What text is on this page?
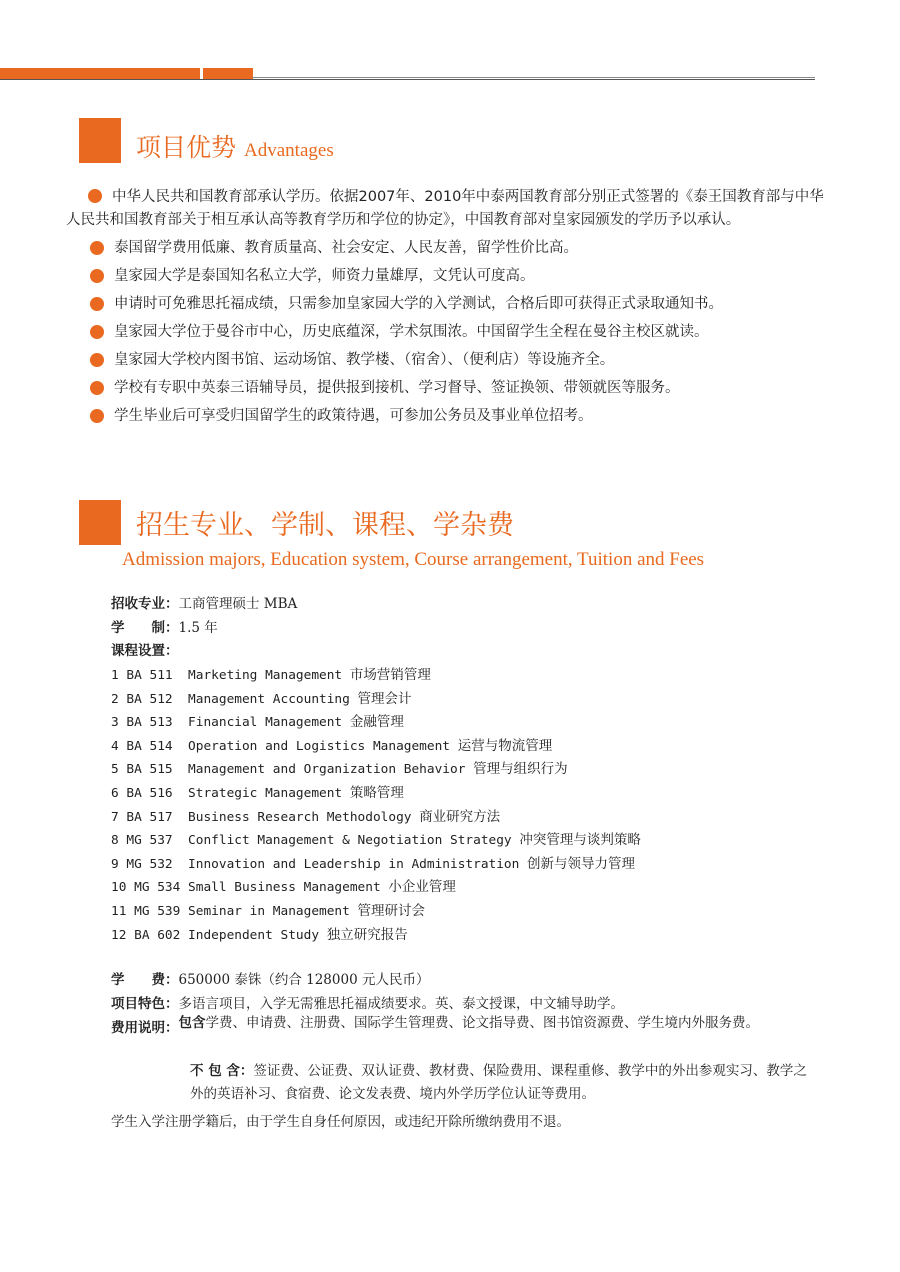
项目优势 Advantages
中华人民共和国教育部承认学历。依据2007年、2010年中泰两国教育部分别正式签署的《泰王国教育部与中华人民共和国教育部关于相互承认高等教育学历和学位的协定》，中国教育部对皇家园颁发的学历予以承认。
泰国留学费用低廉、教育质量高、社会安定、人民友善，留学性价比高。
皇家园大学是泰国知名私立大学，师资力量雄厚，文凭认可度高。
申请时可免雅思托福成绩，只需参加皇家园大学的入学测试，合格后即可获得正式录取通知书。
皇家园大学位于曼谷市中心，历史底蕴深，学术氛围浓。中国留学生全程在曼谷主校区就读。
皇家园大学校内图书馆、运动场馆、教学楼、（宿舍）、（便利店）等设施齐全。
学校有专职中英泰三语辅导员，提供报到接机、学习督导、签证换领、带领就医等服务。
学生毕业后可享受归国留学生的政策待遇，可参加公务员及事业单位招考。
招生专业、学制、课程、学杂费
Admission majors, Education system, Course arrangement, Tuition and Fees
招收专业：工商管理硕士 MBA
学　　制：1.5 年
课程设置：
1 BA 511  Marketing Management 市场营销管理
2 BA 512  Management Accounting 管理会计
3 BA 513  Financial Management 金融管理
4 BA 514  Operation and Logistics Management 运营与物流管理
5 BA 515  Management and Organization Behavior 管理与组织行为
6 BA 516  Strategic Management 策略管理
7 BA 517  Business Research Methodology 商业研究方法
8 MG 537  Conflict Management & Negotiation Strategy 冲突管理与谈判策略
9 MG 532  Innovation and Leadership in Administration 创新与领导力管理
10 MG 534 Small Business Management 小企业管理
11 MG 539 Seminar in Management 管理研讨会
12 BA 602 Independent Study 独立研究报告
学　　费：650000 泰铢（约合 128000 元人民币）
项目特色：多语言项目，入学无需雅思托福成绩要求。英、泰文授课，中文辅导助学。
费用说明：包含学费、申请费、注册费、国际学生管理费、论文指导费、图书馆资源费、学生境内外服务费。
不 包 含：签证费、公证费、双认证费、教材费、保险费用、课程重修、教学中的外出参观实习、教学之外的英语补习、食宿费、论文发表费、境内外学历学位认证等费用。
学生入学注册学籍后，由于学生自身任何原因，或违纪开除所缴纳费用不退。
